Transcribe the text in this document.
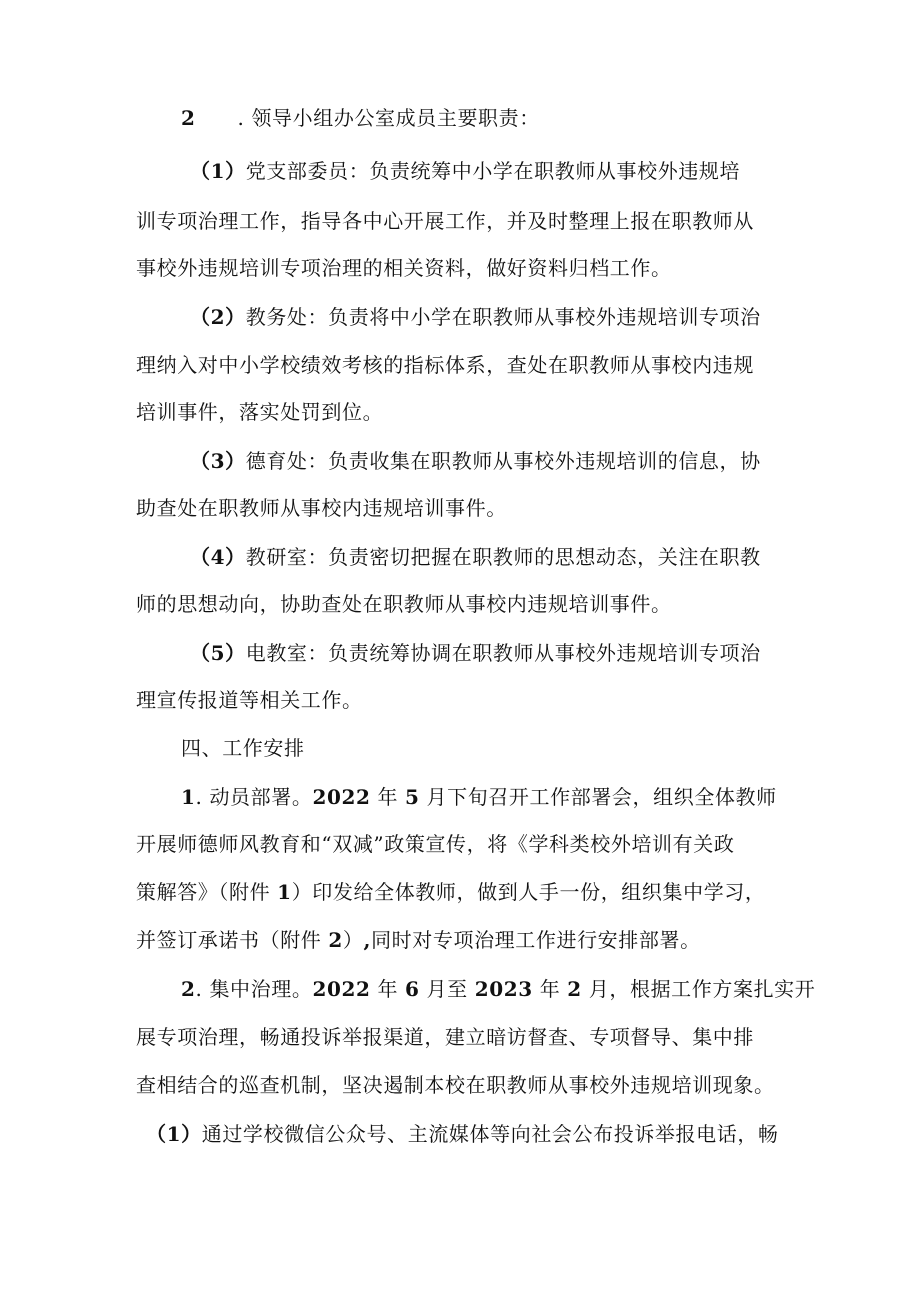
2 . 领导小组办公室成员主要职责：
（1）党支部委员：负责统筹中小学在职教师从事校外违规培
训专项治理工作，指导各中心开展工作，并及时整理上报在职教师从
事校外违规培训专项治理的相关资料，做好资料归档工作。
（2）教务处：负责将中小学在职教师从事校外违规培训专项治
理纳入对中小学校绩效考核的指标体系，查处在职教师从事校内违规
培训事件，落实处罚到位。
（3）德育处：负责收集在职教师从事校外违规培训的信息，协
助查处在职教师从事校内违规培训事件。
（4）教研室：负责密切把握在职教师的思想动态，关注在职教
师的思想动向，协助查处在职教师从事校内违规培训事件。
（5）电教室：负责统筹协调在职教师从事校外违规培训专项治
理宣传报道等相关工作。
四、工作安排
1. 动员部署。2022 年 5 月下旬召开工作部署会，组织全体教师
开展师德师风教育和“双减”政策宣传，将《学科类校外培训有关政
策解答》（附件 1）印发给全体教师，做到人手一份，组织集中学习，
并签订承诺书（附件 2）,同时对专项治理工作进行安排部署。
2. 集中治理。2022 年 6 月至 2023 年 2 月，根据工作方案扎实开
展专项治理，畅通投诉举报渠道，建立暗访督查、专项督导、集中排
查相结合的巡查机制，坚决遏制本校在职教师从事校外违规培训现象。
（1）通过学校微信公众号、主流媒体等向社会公布投诉举报电话，畅
